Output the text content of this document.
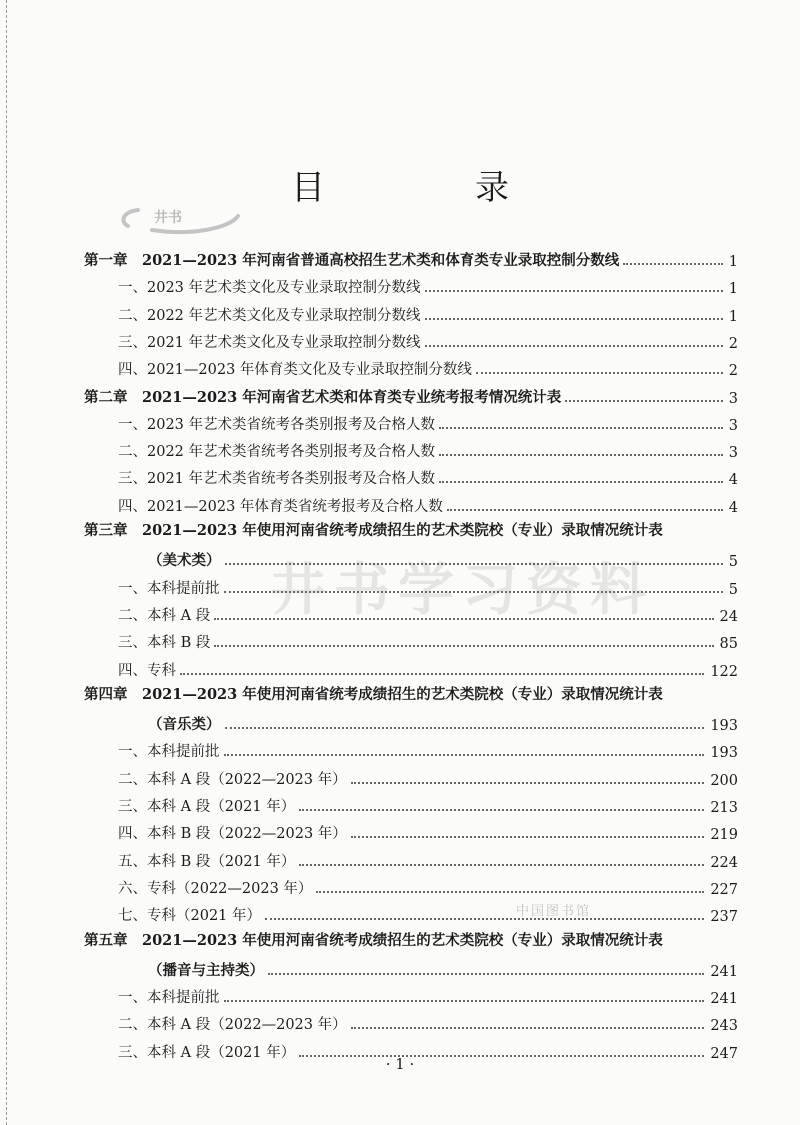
目　录
井书
井书学习资料
中国图书馆
第一章　2021—2023 年河南省普通高校招生艺术类和体育类专业录取控制分数线	1
一、2023 年艺术类文化及专业录取控制分数线	1
二、2022 年艺术类文化及专业录取控制分数线	1
三、2021 年艺术类文化及专业录取控制分数线	2
四、2021—2023 年体育类文化及专业录取控制分数线	2
第二章　2021—2023 年河南省艺术类和体育类专业统考报考情况统计表	3
一、2023 年艺术类省统考各类别报考及合格人数	3
二、2022 年艺术类省统考各类别报考及合格人数	3
三、2021 年艺术类省统考各类别报考及合格人数	4
四、2021—2023 年体育类省统考报考及合格人数	4
第三章　2021—2023 年使用河南省统考成绩招生的艺术类院校（专业）录取情况统计表
（美术类）	5
一、本科提前批	5
二、本科 A 段	24
三、本科 B 段	85
四、专科	122
第四章　2021—2023 年使用河南省统考成绩招生的艺术类院校（专业）录取情况统计表
（音乐类）	193
一、本科提前批	193
二、本科 A 段（2022—2023 年）	200
三、本科 A 段（2021 年）	213
四、本科 B 段（2022—2023 年）	219
五、本科 B 段（2021 年）	224
六、专科（2022—2023 年）	227
七、专科（2021 年）	237
第五章　2021—2023 年使用河南省统考成绩招生的艺术类院校（专业）录取情况统计表
（播音与主持类）	241
一、本科提前批	241
二、本科 A 段（2022—2023 年）	243
三、本科 A 段（2021 年）	247
· 1 ·
